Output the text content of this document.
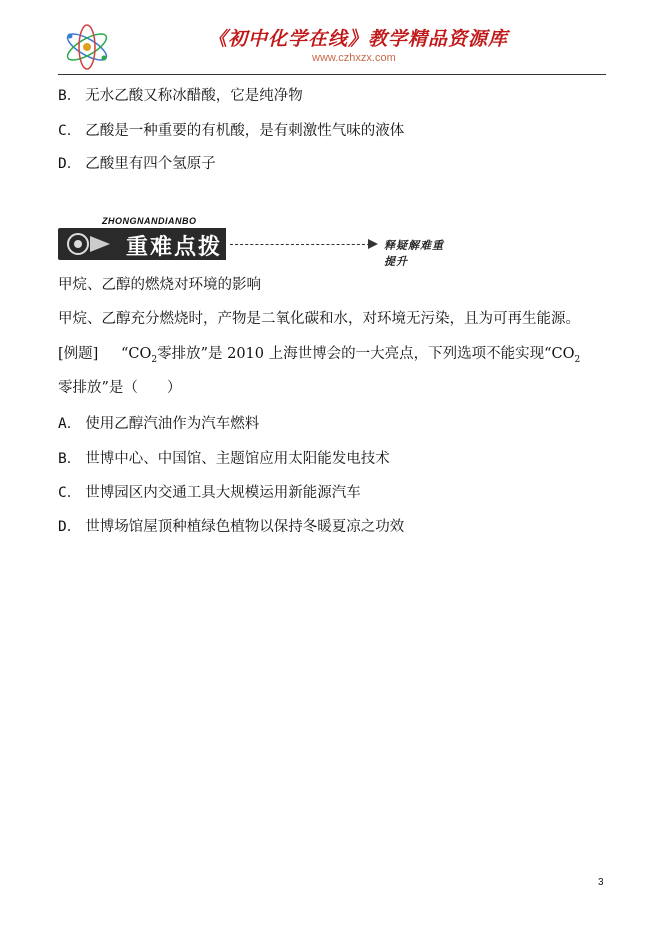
《初中化学在线》教学精品资源库
www.czhxzx.com
B． 无水乙酸又称冰醋酸，它是纯净物
C． 乙酸是一种重要的有机酸，是有刺激性气味的液体
D． 乙酸里有四个氢原子
ZHONGNANDIANBO
重难点拨	释疑解难重提升
甲烷、乙醇的燃烧对环境的影响
甲烷、乙醇充分燃烧时，产物是二氧化碳和水，对环境无污染，且为可再生能源。
[例题] “$CO_2$零排放”是 2010 上海世博会的一大亮点，下列选项不能实现“$CO_2$
零排放”是（　　）
A． 使用乙醇汽油作为汽车燃料
B． 世博中心、中国馆、主题馆应用太阳能发电技术
C． 世博园区内交通工具大规模运用新能源汽车
D． 世博场馆屋顶种植绿色植物以保持冬暖夏凉之功效
3
